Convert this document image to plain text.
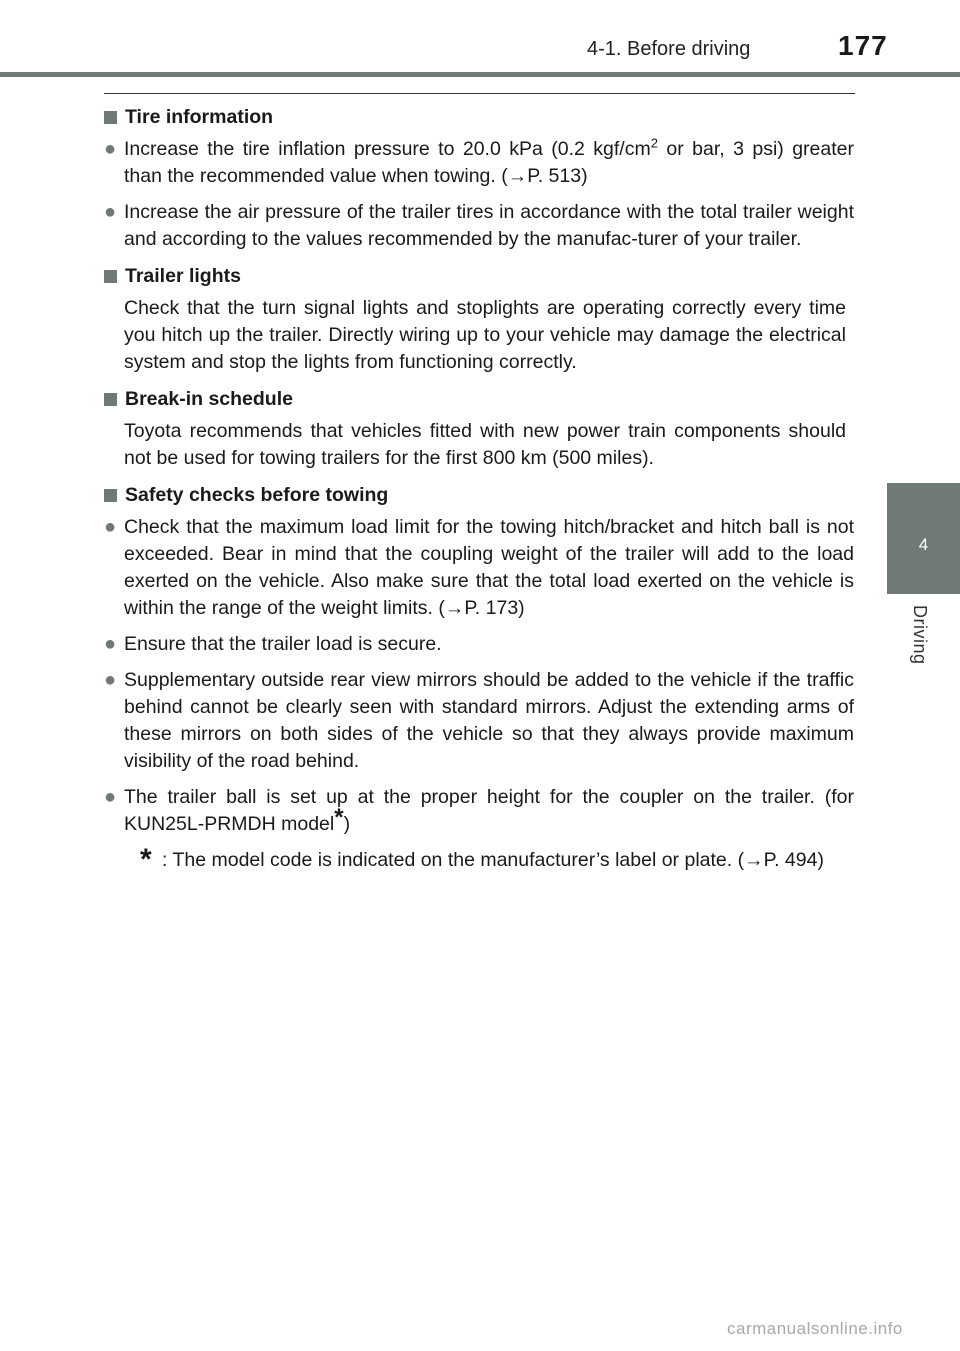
4-1. Before driving	177
4
Driving
Tire information
● Increase the tire inflation pressure to 20.0 kPa (0.2 kgf/$cm^2$ or bar, 3 psi) greater than the recommended value when towing. (→P. 513)
● Increase the air pressure of the trailer tires in accordance with the total trailer weight and according to the values recommended by the manufac-turer of your trailer.
Trailer lights
Check that the turn signal lights and stoplights are operating correctly every time you hitch up the trailer. Directly wiring up to your vehicle may damage the electrical system and stop the lights from functioning correctly.
Break-in schedule
Toyota recommends that vehicles fitted with new power train components should not be used for towing trailers for the first 800 km (500 miles).
Safety checks before towing
● Check that the maximum load limit for the towing hitch/bracket and hitch ball is not exceeded. Bear in mind that the coupling weight of the trailer will add to the load exerted on the vehicle. Also make sure that the total load exerted on the vehicle is within the range of the weight limits. (→P. 173)
● Ensure that the trailer load is secure.
● Supplementary outside rear view mirrors should be added to the vehicle if the traffic behind cannot be clearly seen with standard mirrors. Adjust the extending arms of these mirrors on both sides of the vehicle so that they always provide maximum visibility of the road behind.
● The trailer ball is set up at the proper height for the coupler on the trailer. (for KUN25L-PRMDH model*)
* : The model code is indicated on the manufacturer’s label or plate. (→P. 494)
carmanualsonline.info
